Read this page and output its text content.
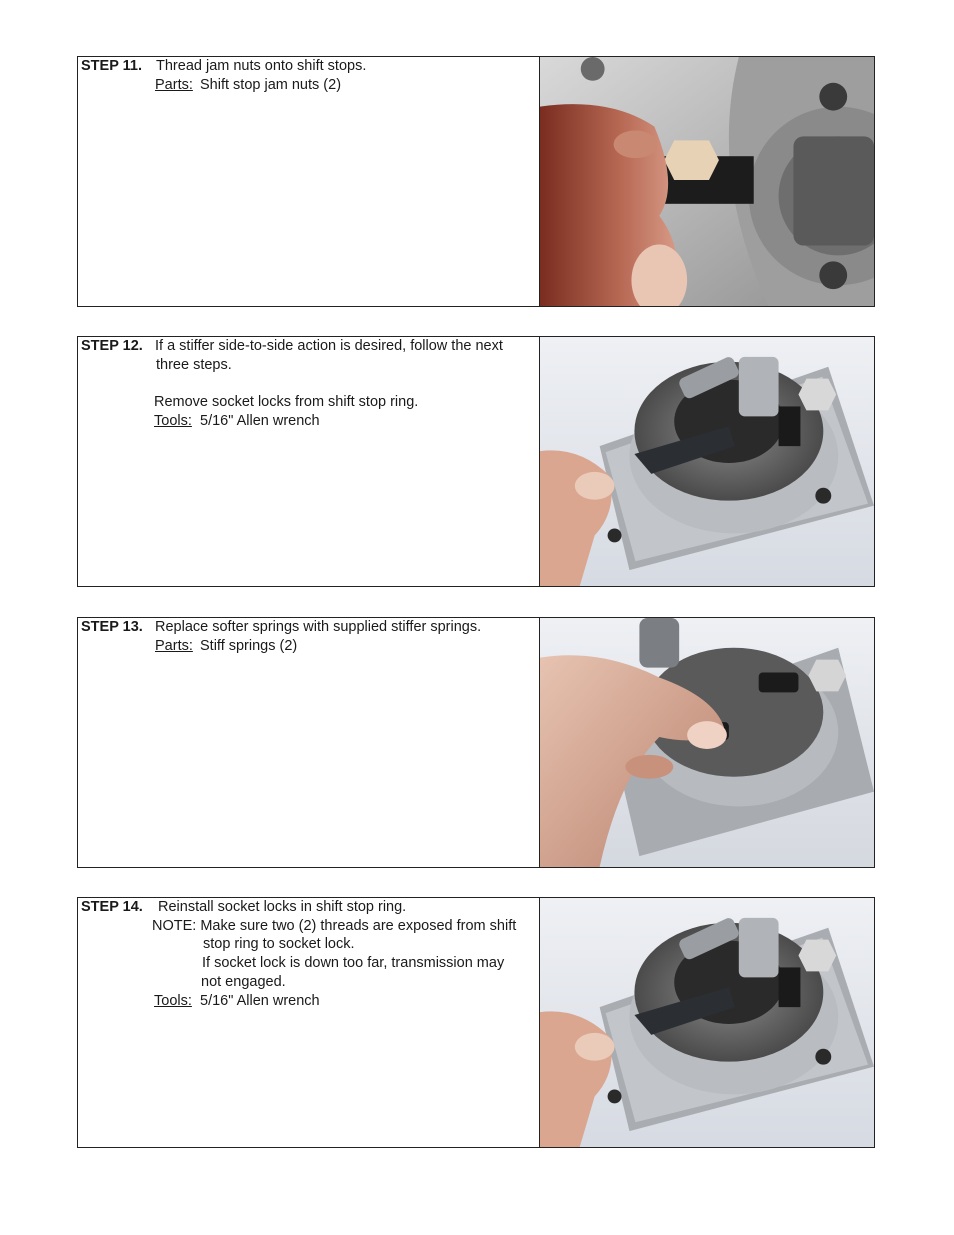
STEP 11. Thread jam nuts onto shift stops.
Parts: Shift stop jam nuts (2)
STEP 12. If a stiffer side-to-side action is desired, follow the next
three steps.
Remove socket locks from shift stop ring.
Tools: 5/16" Allen wrench
STEP 13. Replace softer springs with supplied stiffer springs.
Parts: Stiff springs (2)
STEP 14. Reinstall socket locks in shift stop ring.
NOTE: Make sure two (2) threads are exposed from shift
stop ring to socket lock.
If socket lock is down too far, transmission may
not engaged.
Tools: 5/16" Allen wrench
